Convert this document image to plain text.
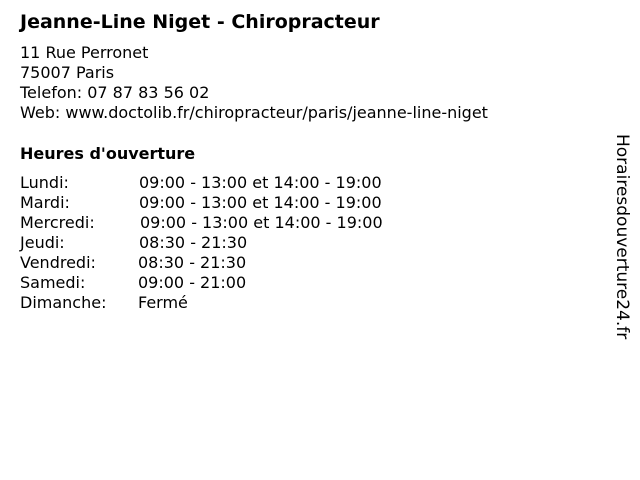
Jeanne-Line Niget - Chiropracteur
11 Rue Perronet
75007 Paris
Telefon: 07 87 83 56 02
Web: www.doctolib.fr/chiropracteur/paris/jeanne-line-niget
Heures d'ouverture
Lundi:	09:00 - 13:00 et 14:00 - 19:00
Mardi:	09:00 - 13:00 et 14:00 - 19:00
Mercredi:	09:00 - 13:00 et 14:00 - 19:00
Jeudi:	08:30 - 21:30
Vendredi:	08:30 - 21:30
Samedi:	09:00 - 21:00
Dimanche: Fermé	Horairesdouverture24.fr
